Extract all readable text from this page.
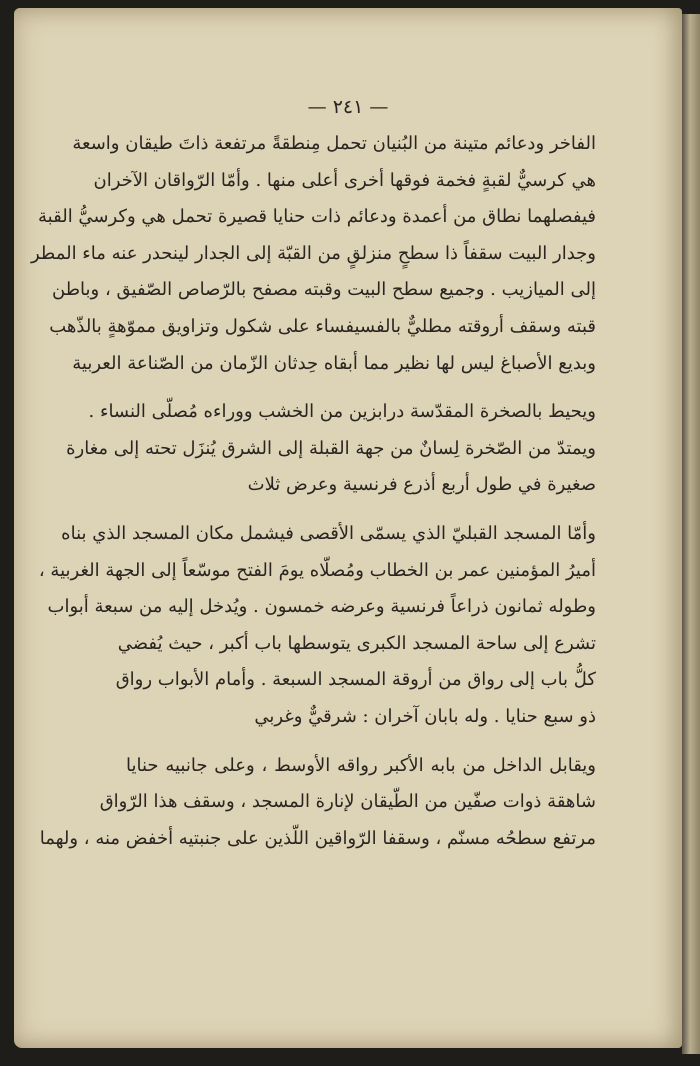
— ٢٤١ —
الفاخر ودعائم متينة من البُنيان تحمل مِنطقةً مرتفعة ذاتَ طيقان واسعة
هي كرسيٌّ لقبةٍ فخمة فوقها أخرى أعلى منها . وأمّا الرّواقان الآخران
فيفصلهما نطاق من أعمدة ودعائم ذات حنايا قصيرة تحمل هي وكرسيُّ القبة
وجدار البيت سقفاً ذا سطحٍ منزلقٍ من القبّة إلى الجدار لينحدر عنه ماء المطر
إلى الميازيب . وجميع سطح البيت وقبته مصفح بالرّصاص الصّفيق ، وباطن
قبته وسقف أروقته مطليٌّ بالفسيفساء على شكول وتزاويق مموّهةٍ بالذّهب
وبديع الأصباغ ليس لها نظير مما أبقاه حِدثان الزّمان من الصّناعة العربية
ويحيط بالصخرة المقدّسة درابزين من الخشب ووراءه مُصلّى النساء .
ويمتدّ من الصّخرة لِسانٌ من جهة القبلة إلى الشرق يُنزَل تحته إلى مغارة
صغيرة في طول أربع أذرع فرنسية وعرض ثلاث
وأمّا المسجد القبليّ الذي يسمّى الأقصى فيشمل مكان المسجد الذي بناه
أميرُ المؤمنين عمر بن الخطاب ومُصلّاه يومَ الفتح موسّعاً إلى الجهة الغربية ،
وطوله ثمانون ذراعاً فرنسية وعرضه خمسون . ويُدخل إليه من سبعة أبواب
تشرع إلى ساحة المسجد الكبرى يتوسطها باب أكبر ، حيث يُفضي
كلُّ باب إلى رواق من أروقة المسجد السبعة . وأمام الأبواب رواق
ذو سبع حنايا . وله بابان آخران : شرقيٌّ وغربي
ويقابل الداخل من بابه الأكبر رواقه الأوسط ، وعلى جانبيه حنايا
شاهقة ذوات صفّين من الطّيقان لإنارة المسجد ، وسقف هذا الرّواق
مرتفع سطحُه مسنّم ، وسقفا الرّواقين اللّذين على جنبتيه أخفض منه ، ولهما
